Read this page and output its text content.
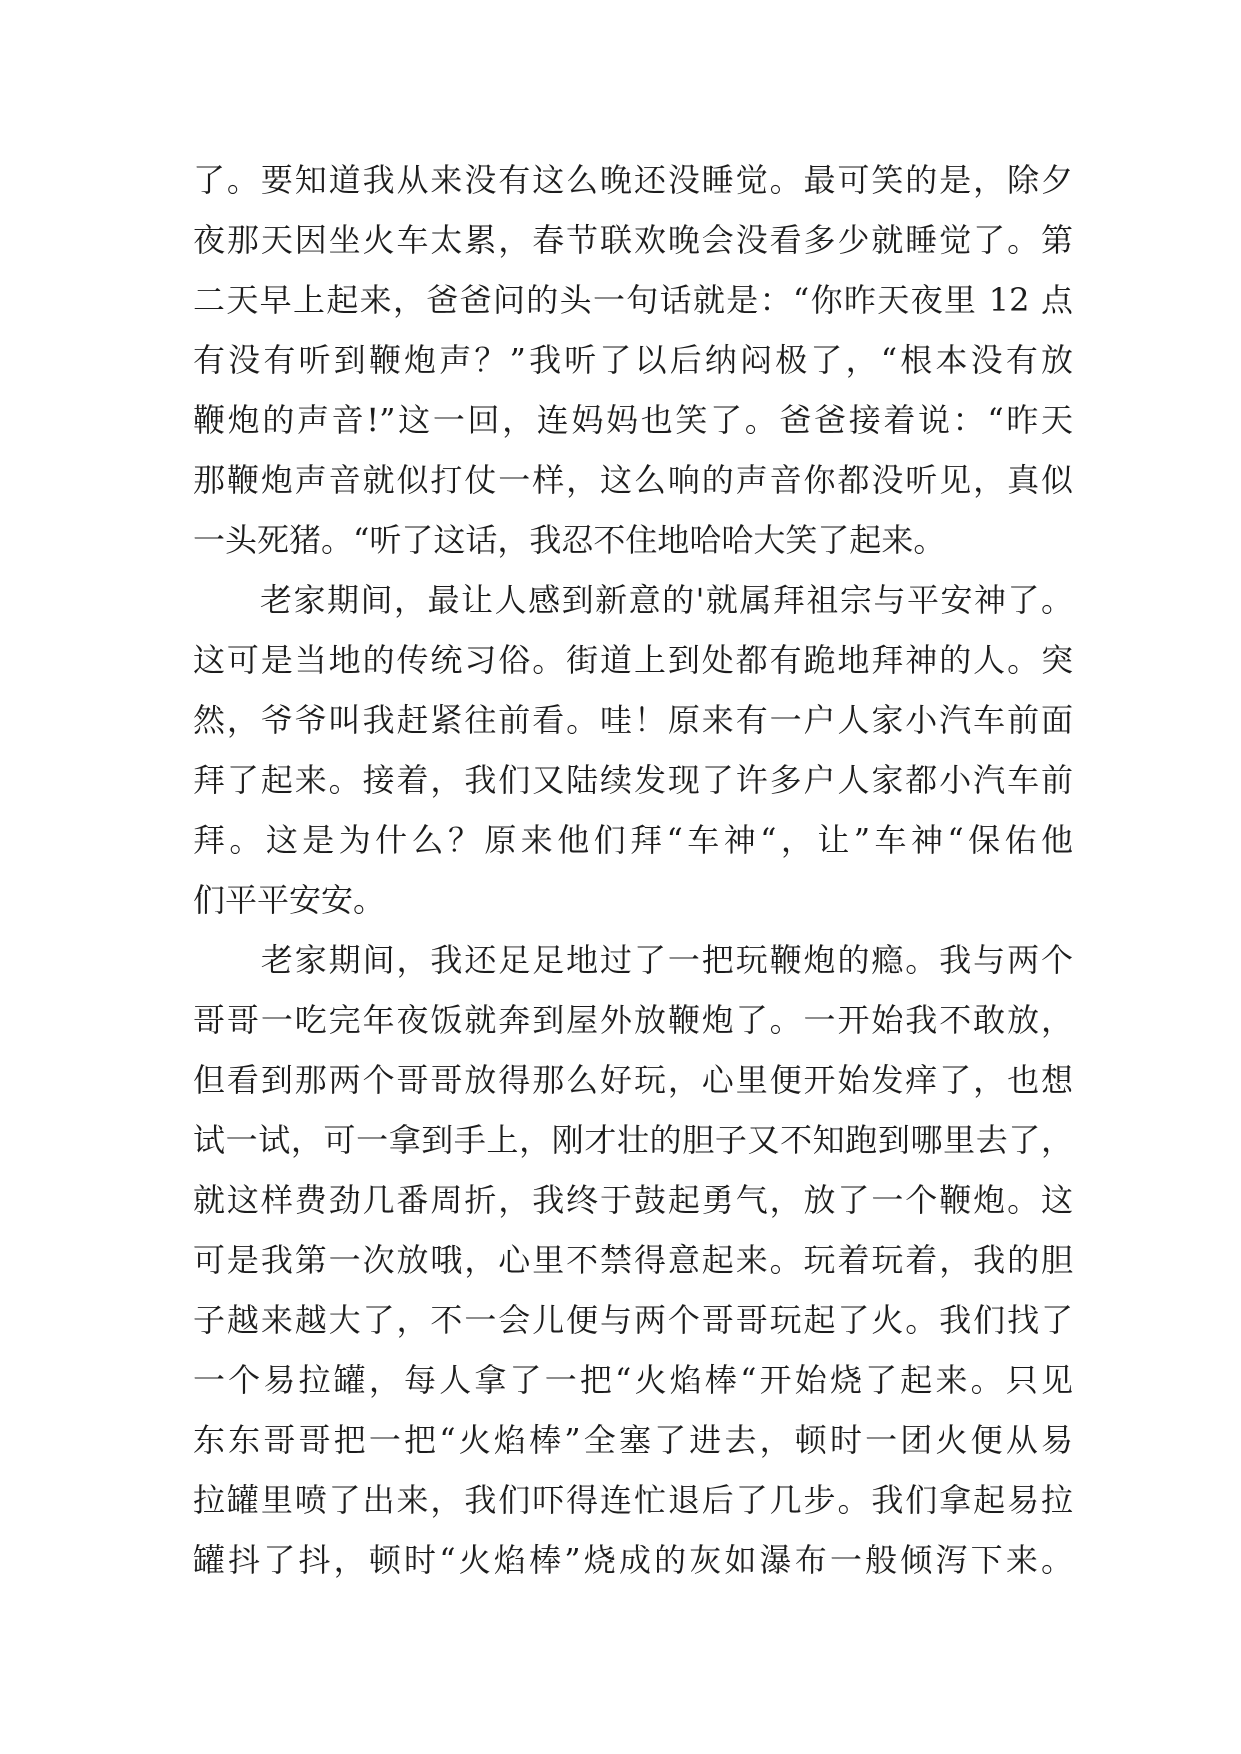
了。要知道我从来没有这么晚还没睡觉。最可笑的是，除夕
夜那天因坐火车太累，春节联欢晚会没看多少就睡觉了。第
二天早上起来，爸爸问的头一句话就是：“你昨天夜里 12 点
有没有听到鞭炮声？”我听了以后纳闷极了，“根本没有放
鞭炮的声音!”这一回，连妈妈也笑了。爸爸接着说：“昨天
那鞭炮声音就似打仗一样，这么响的声音你都没听见，真似
一头死猪。“听了这话，我忍不住地哈哈大笑了起来。
　　老家期间，最让人感到新意的'就属拜祖宗与平安神了。
这可是当地的传统习俗。街道上到处都有跪地拜神的人。突
然，爷爷叫我赶紧往前看。哇！原来有一户人家小汽车前面
拜了起来。接着，我们又陆续发现了许多户人家都小汽车前
拜。这是为什么？原来他们拜“车神“，让”车神“保佑他
们平平安安。
　　老家期间，我还足足地过了一把玩鞭炮的瘾。我与两个
哥哥一吃完年夜饭就奔到屋外放鞭炮了。一开始我不敢放，
但看到那两个哥哥放得那么好玩，心里便开始发痒了，也想
试一试，可一拿到手上，刚才壮的胆子又不知跑到哪里去了，
就这样费劲几番周折，我终于鼓起勇气，放了一个鞭炮。这
可是我第一次放哦，心里不禁得意起来。玩着玩着，我的胆
子越来越大了，不一会儿便与两个哥哥玩起了火。我们找了
一个易拉罐，每人拿了一把“火焰棒“开始烧了起来。只见
东东哥哥把一把“火焰棒”全塞了进去，顿时一团火便从易
拉罐里喷了出来，我们吓得连忙退后了几步。我们拿起易拉
罐抖了抖，顿时“火焰棒”烧成的灰如瀑布一般倾泻下来。
